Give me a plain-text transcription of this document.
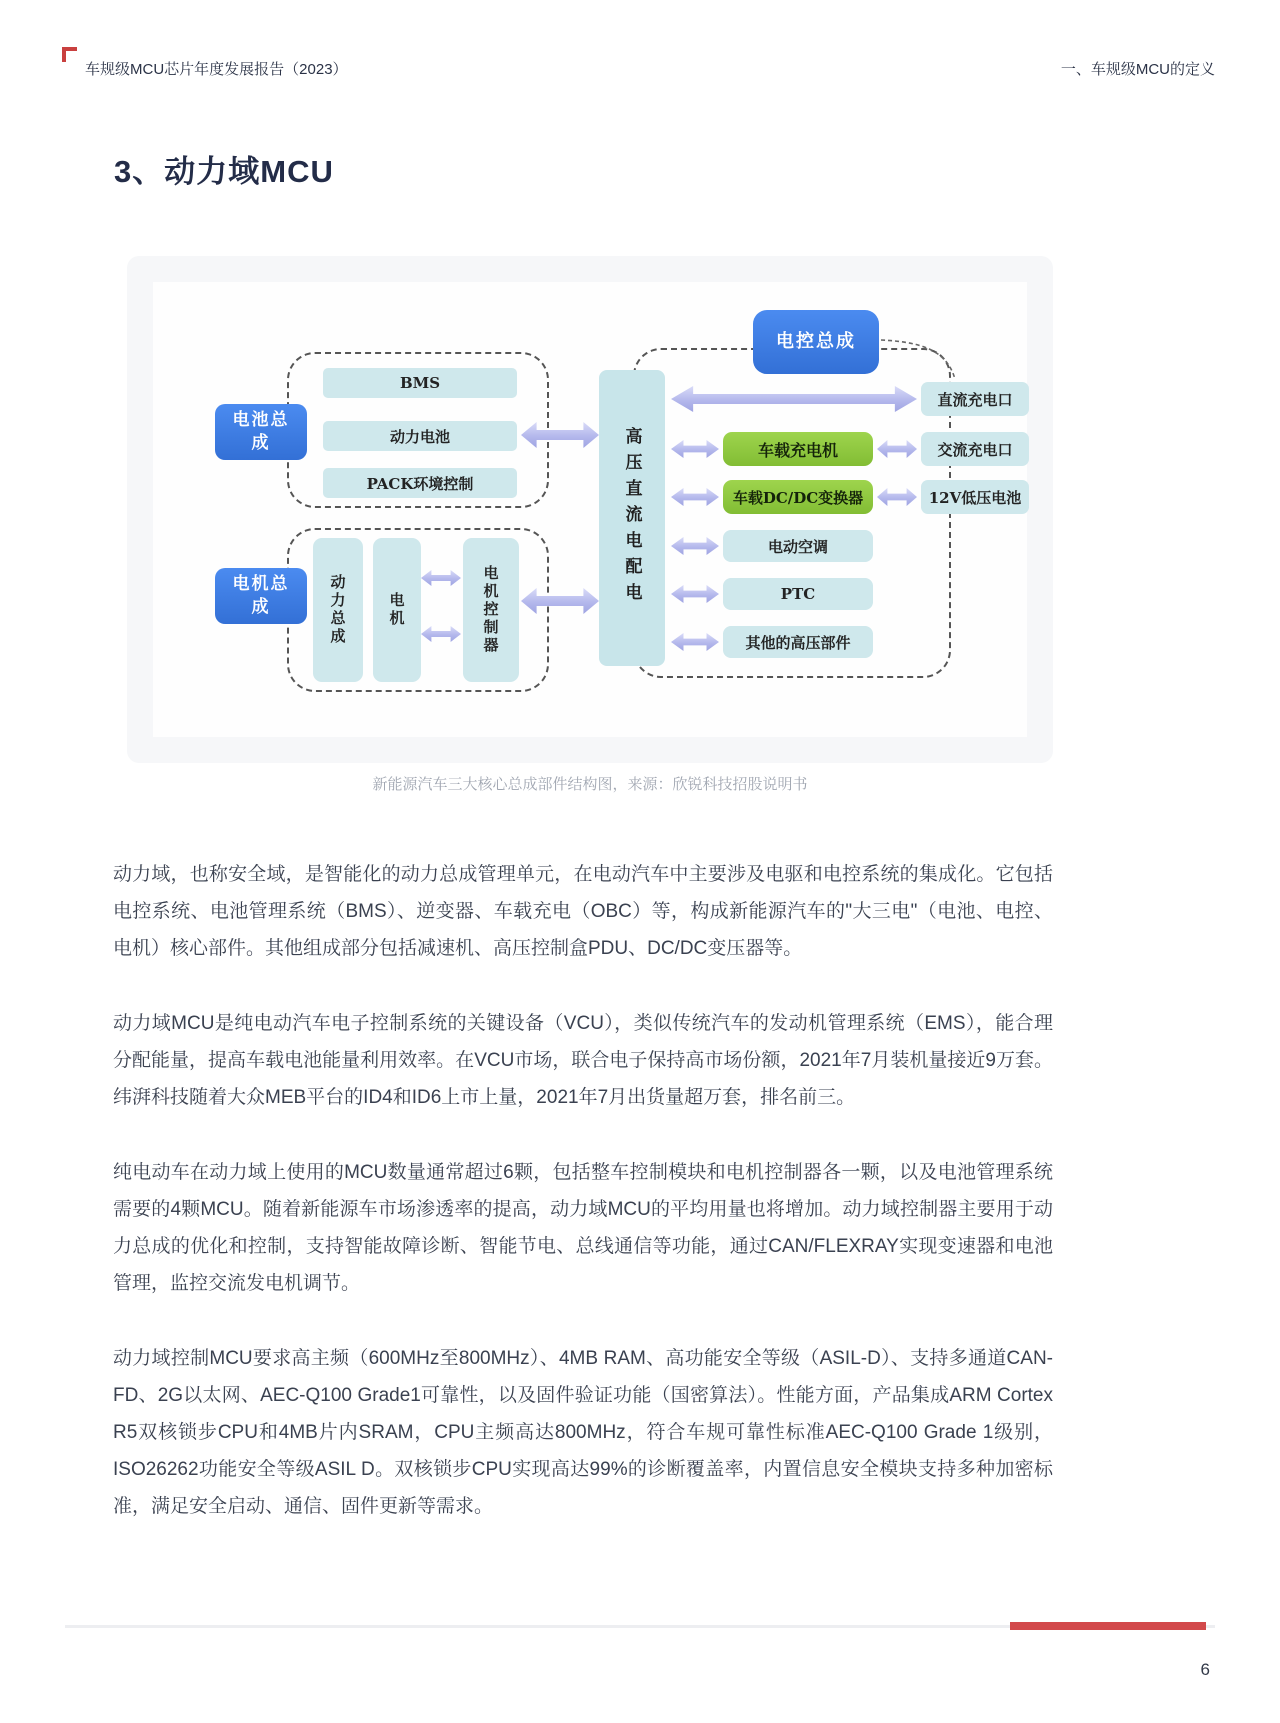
车规级MCU芯片年度发展报告（2023）	一、车规级MCU的定义
3、动力域MCU
电池总成
BMS
动力电池
PACK环境控制
电机总成	动力总成	电机	电机控制器
高压直流电配电
电控总成
直流充电口
车载充电机	交流充电口
车载DC/DC变换器	12V低压电池
电动空调
PTC
其他的高压部件
新能源汽车三大核心总成部件结构图，来源：欣锐科技招股说明书

动力域，也称安全域，是智能化的动力总成管理单元，在电动汽车中主要涉及电驱和电控系统的集成化。它包括电控系统、电池管理系统（BMS）、逆变器、车载充电（OBC）等，构成新能源汽车的"大三电"（电池、电控、电机）核心部件。其他组成部分包括减速机、高压控制盒PDU、DC/DC变压器等。

动力域MCU是纯电动汽车电子控制系统的关键设备（VCU），类似传统汽车的发动机管理系统（EMS），能合理分配能量，提高车载电池能量利用效率。在VCU市场，联合电子保持高市场份额，2021年7月装机量接近9万套。纬湃科技随着大众MEB平台的ID4和ID6上市上量，2021年7月出货量超万套，排名前三。

纯电动车在动力域上使用的MCU数量通常超过6颗，包括整车控制模块和电机控制器各一颗，以及电池管理系统需要的4颗MCU。随着新能源车市场渗透率的提高，动力域MCU的平均用量也将增加。动力域控制器主要用于动力总成的优化和控制，支持智能故障诊断、智能节电、总线通信等功能，通过CAN/FLEXRAY实现变速器和电池管理，监控交流发电机调节。

动力域控制MCU要求高主频（600MHz至800MHz）、4MB RAM、高功能安全等级（ASIL-D）、支持多通道CAN-FD、2G以太网、AEC-Q100 Grade1可靠性，以及固件验证功能（国密算法）。性能方面，产品集成ARM Cortex R5双核锁步CPU和4MB片内SRAM，CPU主频高达800MHz，符合车规可靠性标准AEC-Q100 Grade 1级别，ISO26262功能安全等级ASIL D。双核锁步CPU实现高达99%的诊断覆盖率，内置信息安全模块支持多种加密标准，满足安全启动、通信、固件更新等需求。

6
